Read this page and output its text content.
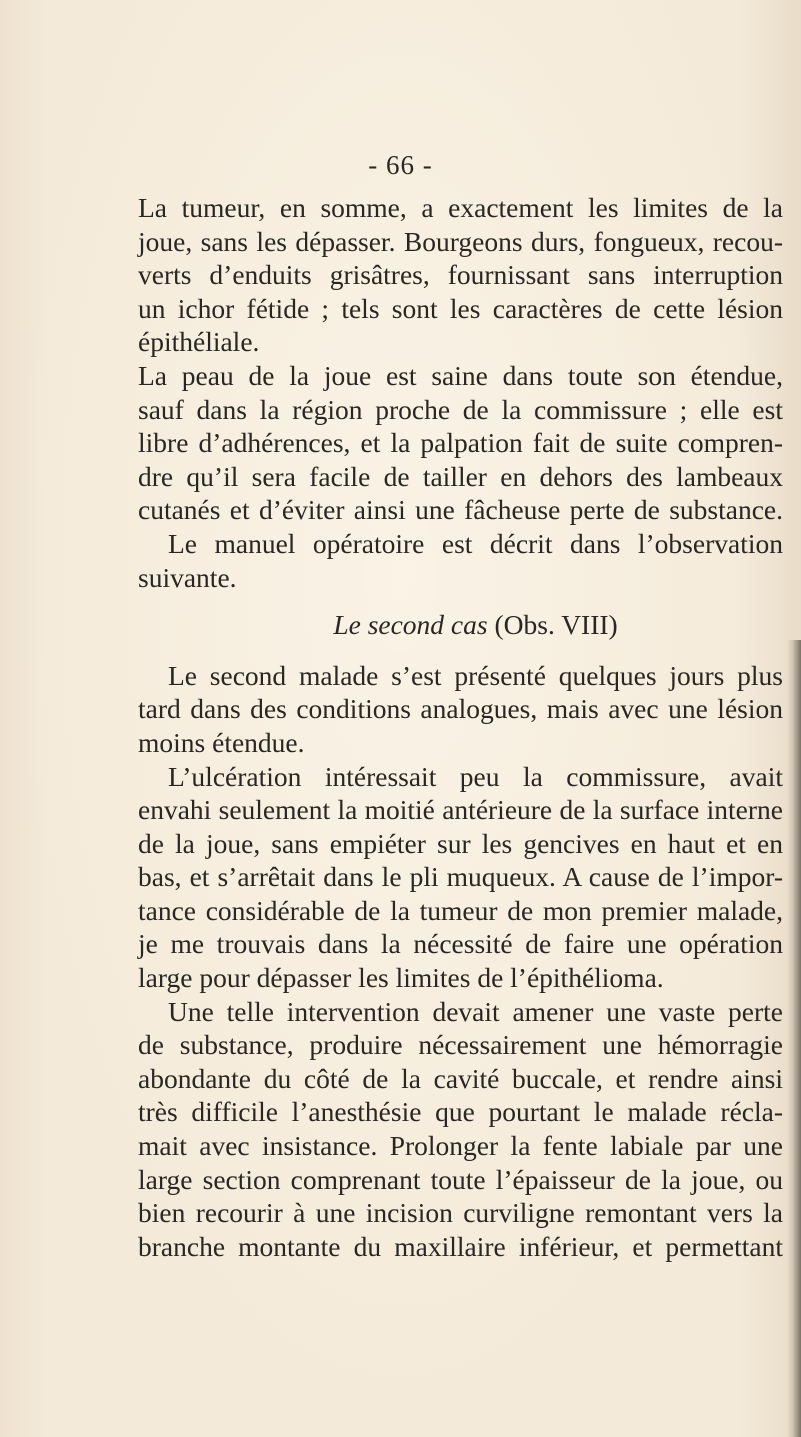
- 66 -
La tumeur, en somme, a exactement les limites de la
joue, sans les dépasser. Bourgeons durs, fongueux, recou-
verts d’enduits grisâtres, fournissant sans interruption
un ichor fétide ; tels sont les caractères de cette lésion
épithéliale.
La peau de la joue est saine dans toute son étendue,
sauf dans la région proche de la commissure ; elle est
libre d’adhérences, et la palpation fait de suite compren-
dre qu’il sera facile de tailler en dehors des lambeaux
cutanés et d’éviter ainsi une fâcheuse perte de substance.
Le manuel opératoire est décrit dans l’observation
suivante.
Le second cas (Obs. VIII)
Le second malade s’est présenté quelques jours plus
tard dans des conditions analogues, mais avec une lésion
moins étendue.
L’ulcération intéressait peu la commissure, avait
envahi seulement la moitié antérieure de la surface interne
de la joue, sans empiéter sur les gencives en haut et en
bas, et s’arrêtait dans le pli muqueux. A cause de l’impor-
tance considérable de la tumeur de mon premier malade,
je me trouvais dans la nécessité de faire une opération
large pour dépasser les limites de l’épithélioma.
Une telle intervention devait amener une vaste perte
de substance, produire nécessairement une hémorragie
abondante du côté de la cavité buccale, et rendre ainsi
très difficile l’anesthésie que pourtant le malade récla-
mait avec insistance. Prolonger la fente labiale par une
large section comprenant toute l’épaisseur de la joue, ou
bien recourir à une incision curviligne remontant vers la
branche montante du maxillaire inférieur, et permettant
